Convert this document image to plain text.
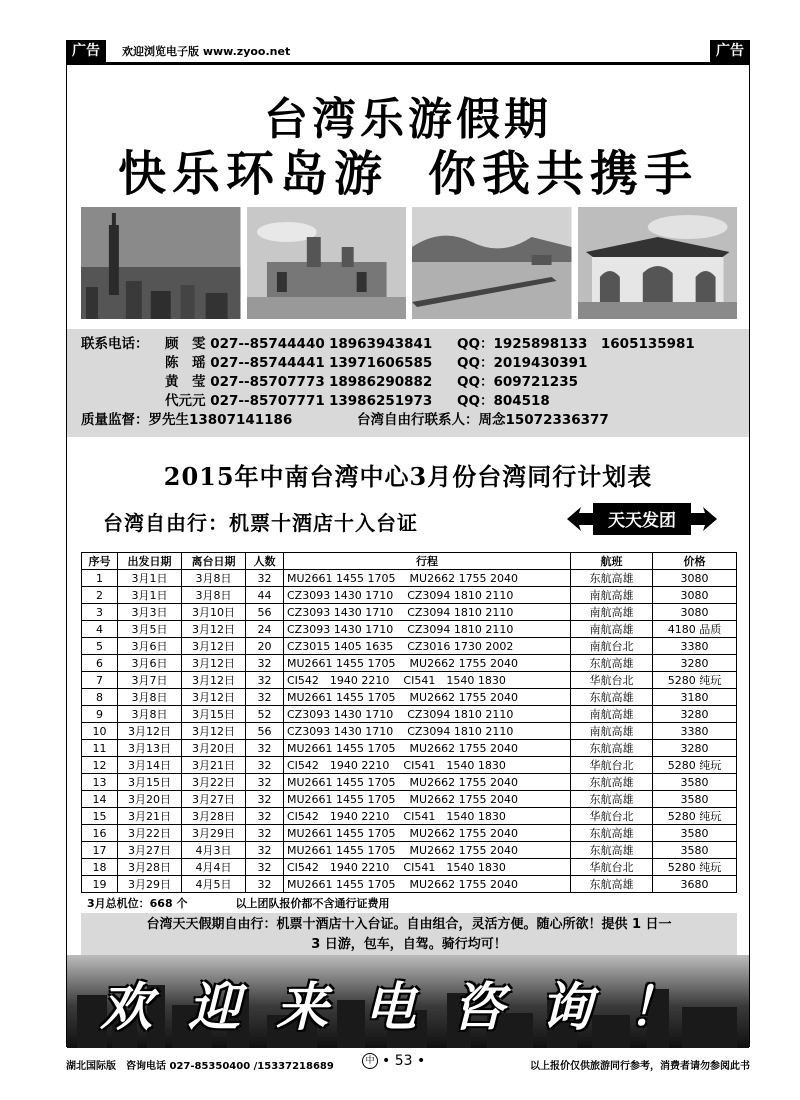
广告	欢迎浏览电子版 www.zyoo.net	广告
台湾乐游假期
快乐环岛游 你我共携手
联系电话：	顾　雯 027--85744440 18963943841	QQ：1925898133　1605135981
陈　瑶 027--85744441 13971606585	QQ：2019430391
黄　莹 027--85707773 18986290882	QQ：609721235
代元元 027--85707771 13986251973	QQ：804518
质量监督：罗先生13807141186	台湾自由行联系人：周念15072336377
2015年中南台湾中心3月份台湾同行计划表
台湾自由行：机票十酒店十入台证	天天发团
序号	出发日期	离台日期	人数	行程	航班	价格
1	3月1日	3月8日	32	MU2661 1455 1705 MU2662 1755 2040	东航高雄	3080
2	3月1日	3月8日	44	CZ3093 1430 1710 CZ3094 1810 2110	南航高雄	3080
3	3月3日	3月10日	56	CZ3093 1430 1710 CZ3094 1810 2110	南航高雄	3080
4	3月5日	3月12日	24	CZ3093 1430 1710 CZ3094 1810 2110	南航高雄	4180 品质
5	3月6日	3月12日	20	CZ3015 1405 1635 CZ3016 1730 2002	南航台北	3380
6	3月6日	3月12日	32	MU2661 1455 1705 MU2662 1755 2040	东航高雄	3280
7	3月7日	3月12日	32	CI542　1940 2210 CI541　1540 1830	华航台北	5280 纯玩
8	3月8日	3月12日	32	MU2661 1455 1705 MU2662 1755 2040	东航高雄	3180
9	3月8日	3月15日	52	CZ3093 1430 1710 CZ3094 1810 2110	南航高雄	3280
10	3月12日	3月12日	56	CZ3093 1430 1710 CZ3094 1810 2110	南航高雄	3380
11	3月13日	3月20日	32	MU2661 1455 1705 MU2662 1755 2040	东航高雄	3280
12	3月14日	3月21日	32	CI542　1940 2210 CI541　1540 1830	华航台北	5280 纯玩
13	3月15日	3月22日	32	MU2661 1455 1705 MU2662 1755 2040	东航高雄	3580
14	3月20日	3月27日	32	MU2661 1455 1705 MU2662 1755 2040	东航高雄	3580
15	3月21日	3月28日	32	CI542　1940 2210 CI541　1540 1830	华航台北	5280 纯玩
16	3月22日	3月29日	32	MU2661 1455 1705 MU2662 1755 2040	东航高雄	3580
17	3月27日	4月3日	32	MU2661 1455 1705 MU2662 1755 2040	东航高雄	3580
18	3月28日	4月4日	32	CI542　1940 2210 CI541　1540 1830	华航台北	5280 纯玩
19	3月29日	4月5日	32	MU2661 1455 1705 MU2662 1755 2040	东航高雄	3680
3月总机位：668 个	以上团队报价都不含通行证费用
台湾天天假期自由行：机票十酒店十入台证。自由组合，灵活方便。随心所欲！提供 1 日一
3 日游，包车，自驾。骑行均可！
欢迎来电咨询！
湖北国际版　咨询电话 027-85350400 /15337218689	中 • 53 •	以上报价仅供旅游同行参考，消费者请勿参阅此书
